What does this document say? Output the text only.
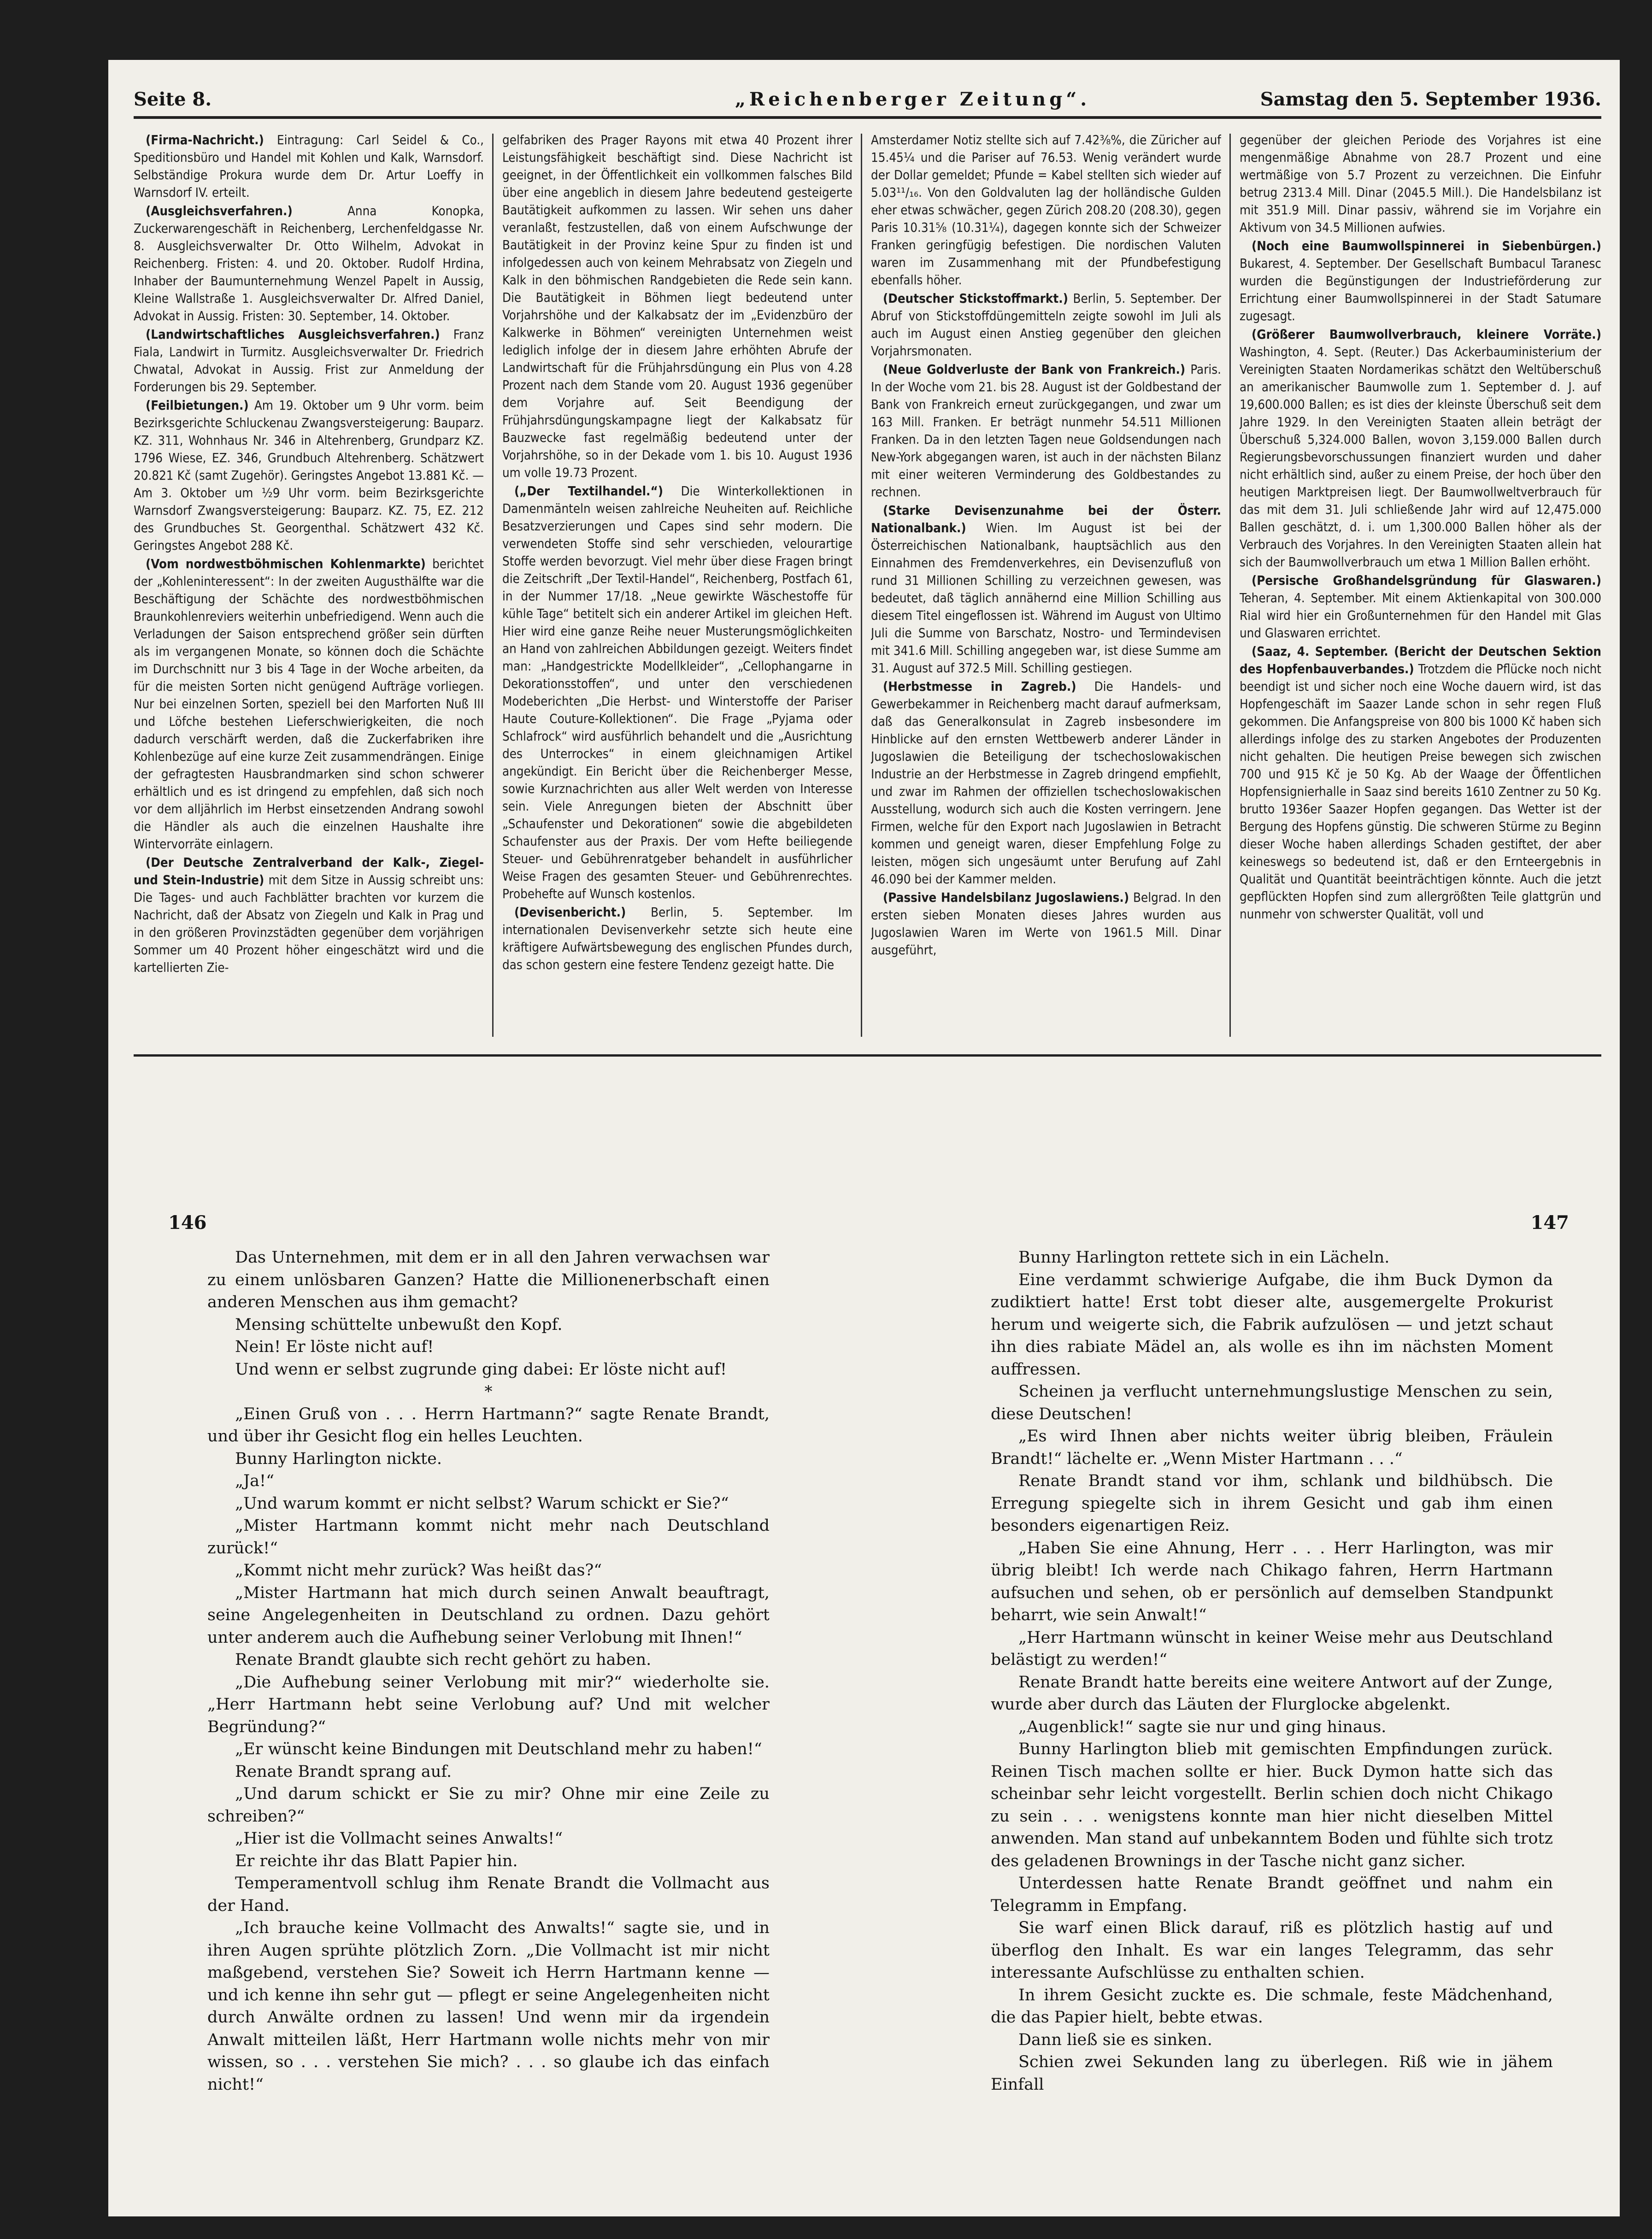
Seite 8.	„Reichenberger Zeitung“.	Samstag den 5. September 1936.

(Firma-Nachricht.) Eintragung: Carl Seidel & Co., Speditionsbüro und Handel mit Kohlen und Kalk, Warnsdorf. Selbständige Prokura wurde dem Dr. Artur Loeffy in Warnsdorf IV. erteilt.

(Ausgleichsverfahren.)	Anna Konopka, Zuckerwarengeschäft in Reichenberg, Lerchenfeldgasse Nr. 8. Ausgleichsverwalter Dr. Otto Wilhelm, Advokat in Reichenberg. Fristen: 4. und 20. Oktober. Rudolf Hrdina, Inhaber der Baumunternehmung Wenzel Papelt in Aussig, Kleine Wallstraße 1. Ausgleichsverwalter Dr. Alfred Daniel, Advokat in Aussig. Fristen: 30. September, 14. Oktober.

(Landwirtschaftliches Ausgleichsverfahren.) Franz Fiala, Landwirt in Turmitz. Ausgleichsverwalter Dr. Friedrich Chwatal, Advokat in Aussig. Frist zur Anmeldung der Forderungen bis 29. September.

(Feilbietungen.) Am 19. Oktober um 9 Uhr vorm. beim Bezirksgerichte Schluckenau Zwangsversteigerung: Bauparz. KZ. 311, Wohnhaus Nr. 346 in Altehrenberg, Grundparz KZ. 1796 Wiese, EZ. 346, Grundbuch Altehrenberg. Schätzwert 20.821 Kč (samt Zugehör). Geringstes Angebot 13.881 Kč. — Am 3. Oktober um ½9 Uhr vorm. beim Bezirksgerichte Warnsdorf Zwangsversteigerung: Bauparz. KZ. 75, EZ. 212 des Grundbuches St. Georgenthal. Schätzwert 432 Kč. Geringstes Angebot 288 Kč.

(Vom nordwestböhmischen Kohlenmarkte) berichtet der „Kohleninteressent“: In der zweiten Augusthälfte war die Beschäftigung der Schächte des nordwestböhmischen Braunkohlenreviers weiterhin unbefriedigend. Wenn auch die Verladungen der Saison entsprechend größer sein dürften als im vergangenen Monate, so können doch die Schächte im Durchschnitt nur 3 bis 4 Tage in der Woche arbeiten, da für die meisten Sorten nicht genügend Aufträge vorliegen. Nur bei einzelnen Sorten, speziell bei den Marforten Nuß III und Löfche bestehen Lieferschwierigkeiten, die noch dadurch verschärft werden, daß die Zuckerfabriken ihre Kohlenbezüge auf eine kurze Zeit zusammendrängen. Einige der gefragtesten Hausbrandmarken sind schon schwerer erhältlich und es ist dringend zu empfehlen, daß sich noch vor dem alljährlich im Herbst einsetzenden Andrang sowohl die Händler als auch die einzelnen Haushalte ihre Wintervorräte einlagern.

(Der Deutsche Zentralverband der Kalk-, Ziegel- und Stein-Industrie) mit dem Sitze in Aussig schreibt uns: Die Tages- und auch Fachblätter brachten vor kurzem die Nachricht, daß der Absatz von Ziegeln und Kalk in Prag und in den größeren Provinzstädten gegenüber dem vorjährigen Sommer um 40 Prozent höher eingeschätzt wird und die kartellierten Zie-

gelfabriken des Prager Rayons mit etwa 40 Prozent ihrer Leistungsfähigkeit beschäftigt sind. Diese Nachricht ist geeignet, in der Öffentlichkeit ein vollkommen falsches Bild über eine angeblich in diesem Jahre bedeutend gesteigerte Bautätigkeit aufkommen zu lassen. Wir sehen uns daher veranlaßt, festzustellen, daß von einem Aufschwunge der Bautätigkeit in der Provinz keine Spur zu finden ist und infolgedessen auch von keinem Mehrabsatz von Ziegeln und Kalk in den böhmischen Randgebieten die Rede sein kann. Die Bautätigkeit in Böhmen liegt bedeutend unter Vorjahrshöhe und der Kalkabsatz der im „Evidenzbüro der Kalkwerke in Böhmen“ vereinigten Unternehmen weist lediglich infolge der in diesem Jahre erhöhten Abrufe der Landwirtschaft für die Frühjahrsdüngung ein Plus von 4.28 Prozent nach dem Stande vom 20. August 1936 gegenüber dem Vorjahre auf. Seit Beendigung der Frühjahrsdüngungskampagne liegt der Kalkabsatz für Bauzwecke fast regelmäßig bedeutend unter der Vorjahrshöhe, so in der Dekade vom 1. bis 10. August 1936 um volle 19.73 Prozent.

(„Der Textilhandel.“) Die Winterkollektionen in Damenmänteln weisen zahlreiche Neuheiten auf. Reichliche Besatzverzierungen und Capes sind sehr modern. Die verwendeten Stoffe sind sehr verschieden, velourartige Stoffe werden bevorzugt. Viel mehr über diese Fragen bringt die Zeitschrift „Der Textil-Handel“, Reichenberg, Postfach 61, in der Nummer 17/18. „Neue gewirkte Wäschestoffe für kühle Tage“ betitelt sich ein anderer Artikel im gleichen Heft. Hier wird eine ganze Reihe neuer Musterungsmöglichkeiten an Hand von zahlreichen Abbildungen gezeigt. Weiters findet man: „Handgestrickte Modellkleider“, „Cellophangarne in Dekorationsstoffen“, und unter den verschiedenen Modeberichten „Die Herbst- und Winterstoffe der Pariser Haute Couture-Kollektionen“. Die Frage „Pyjama oder Schlafrock“ wird ausführlich behandelt und die „Ausrichtung des Unterrockes“ in einem gleichnamigen Artikel angekündigt. Ein Bericht über die Reichenberger Messe, sowie Kurznachrichten aus aller Welt werden von Interesse sein. Viele Anregungen bieten der Abschnitt über „Schaufenster und Dekorationen“ sowie die abgebildeten Schaufenster aus der Praxis. Der vom Hefte beiliegende Steuer- und Gebührenratgeber behandelt in ausführlicher Weise Fragen des gesamten Steuer- und Gebührenrechtes. Probehefte auf Wunsch kostenlos.

(Devisenbericht.) Berlin, 5. September. Im internationalen Devisenverkehr setzte sich heute eine kräftigere Aufwärtsbewegung des englischen Pfundes durch, das schon gestern eine festere Tendenz gezeigt hatte. Die

Amsterdamer Notiz stellte sich auf 7.42⅜%, die Züricher auf 15.45¼ und die Pariser auf 76.53. Wenig verändert wurde der Dollar gemeldet; Pfunde = Kabel stellten sich wieder auf 5.03¹¹/₁₆. Von den Goldvaluten lag der holländische Gulden eher etwas schwächer, gegen Zürich 208.20 (208.30), gegen Paris 10.31⅝ (10.31¼), dagegen konnte sich der Schweizer Franken geringfügig befestigen. Die nordischen Valuten waren im Zusammenhang mit der Pfundbefestigung ebenfalls höher.

(Deutscher Stickstoffmarkt.) Berlin, 5. September. Der Abruf von Stickstoffdüngemitteln zeigte sowohl im Juli als auch im August einen Anstieg gegenüber den gleichen Vorjahrsmonaten.

(Neue Goldverluste der Bank von Frankreich.) Paris. In der Woche vom 21. bis 28. August ist der Goldbestand der Bank von Frankreich erneut zurückgegangen, und zwar um 163 Mill. Franken. Er beträgt nunmehr 54.511 Millionen Franken. Da in den letzten Tagen neue Goldsendungen nach New-York abgegangen waren, ist auch in der nächsten Bilanz mit einer weiteren Verminderung des Goldbestandes zu rechnen.

(Starke Devisenzunahme bei der Österr. Nationalbank.) Wien. Im August ist bei der Österreichischen Nationalbank, hauptsächlich aus den Einnahmen des Fremdenverkehres, ein Devisenzufluß von rund 31 Millionen Schilling zu verzeichnen gewesen, was bedeutet, daß täglich annähernd eine Million Schilling aus diesem Titel eingeflossen ist. Während im August von Ultimo Juli die Summe von Barschatz, Nostro- und Termindevisen mit 341.6 Mill. Schilling angegeben war, ist diese Summe am 31. August auf 372.5 Mill. Schilling gestiegen.

(Herbstmesse in Zagreb.) Die Handels- und Gewerbekammer in Reichenberg macht darauf aufmerksam, daß das Generalkonsulat in Zagreb insbesondere im Hinblicke auf den ernsten Wettbewerb anderer Länder in Jugoslawien die Beteiligung der tschechoslowakischen Industrie an der Herbstmesse in Zagreb dringend empfiehlt, und zwar im Rahmen der offiziellen tschechoslowakischen Ausstellung, wodurch sich auch die Kosten verringern. Jene Firmen, welche für den Export nach Jugoslawien in Betracht kommen und geneigt waren, dieser Empfehlung Folge zu leisten, mögen sich ungesäumt unter Berufung auf Zahl 46.090 bei der Kammer melden.

(Passive Handelsbilanz Jugoslawiens.) Belgrad. In den ersten sieben Monaten dieses Jahres wurden aus Jugoslawien Waren im Werte von 1961.5 Mill. Dinar ausgeführt,

gegenüber der gleichen Periode des Vorjahres ist eine mengenmäßige Abnahme von 28.7 Prozent und eine wertmäßige von 5.7 Prozent zu verzeichnen. Die Einfuhr betrug 2313.4 Mill. Dinar (2045.5 Mill.). Die Handelsbilanz ist mit 351.9 Mill. Dinar passiv, während sie im Vorjahre ein Aktivum von 34.5 Millionen aufwies.

(Noch eine Baumwollspinnerei in Siebenbürgen.) Bukarest, 4. September. Der Gesellschaft Bumbacul Taranesc wurden die Begünstigungen der Industrieförderung zur Errichtung einer Baumwollspinnerei in der Stadt Satumare zugesagt.

(Größerer Baumwollverbrauch, kleinere Vorräte.) Washington, 4. Sept. (Reuter.) Das Ackerbauministerium der Vereinigten Staaten Nordamerikas schätzt den Weltüberschuß an amerikanischer Baumwolle zum 1. September d. J. auf 19,600.000 Ballen; es ist dies der kleinste Überschuß seit dem Jahre 1929. In den Vereinigten Staaten allein beträgt der Überschuß 5,324.000 Ballen, wovon 3,159.000 Ballen durch Regierungsbevorschussungen finanziert wurden und daher nicht erhältlich sind, außer zu einem Preise, der hoch über den heutigen Marktpreisen liegt. Der Baumwollweltverbrauch für das mit dem 31. Juli schließende Jahr wird auf 12,475.000 Ballen geschätzt, d. i. um 1,300.000 Ballen höher als der Verbrauch des Vorjahres. In den Vereinigten Staaten allein hat sich der Baumwollverbrauch um etwa 1 Million Ballen erhöht.

(Persische Großhandelsgründung für Glaswaren.) Teheran, 4. September. Mit einem Aktienkapital von 300.000 Rial wird hier ein Großunternehmen für den Handel mit Glas und Glaswaren errichtet.

(Saaz, 4. September. (Bericht der Deutschen Sektion des Hopfenbauverbandes.) Trotzdem die Pflücke noch nicht beendigt ist und sicher noch eine Woche dauern wird, ist das Hopfengeschäft im Saazer Lande schon in sehr regen Fluß gekommen. Die Anfangspreise von 800 bis 1000 Kč haben sich allerdings infolge des zu starken Angebotes der Produzenten nicht gehalten. Die heutigen Preise bewegen sich zwischen 700 und 915 Kč je 50 Kg. Ab der Waage der Öffentlichen Hopfensignierhalle in Saaz sind bereits 1610 Zentner zu 50 Kg. brutto 1936er Saazer Hopfen gegangen. Das Wetter ist der Bergung des Hopfens günstig. Die schweren Stürme zu Beginn dieser Woche haben allerdings Schaden gestiftet, der aber keineswegs so bedeutend ist, daß er den Ernteergebnis in Qualität und Quantität beeinträchtigen könnte. Auch die jetzt gepflückten Hopfen sind zum allergrößten Teile glattgrün und nunmehr von schwerster Qualität, voll und

146	147

Das Unternehmen, mit dem er in all den Jahren verwachsen war zu einem unlösbaren Ganzen? Hatte die Millionenerbschaft einen anderen Menschen aus ihm gemacht?

Mensing schüttelte unbewußt den Kopf.

Nein! Er löste nicht auf!

Und wenn er selbst zugrunde ging dabei: Er löste nicht auf!

*

„Einen Gruß von . . . Herrn Hartmann?“ sagte Renate Brandt, und über ihr Gesicht flog ein helles Leuchten.

Bunny Harlington nickte.

„Ja!“

„Und warum kommt er nicht selbst? Warum schickt er Sie?“

„Mister Hartmann kommt nicht mehr nach Deutschland zurück!“

„Kommt nicht mehr zurück? Was heißt das?“

„Mister Hartmann hat mich durch seinen Anwalt beauftragt, seine Angelegenheiten in Deutschland zu ordnen. Dazu gehört unter anderem auch die Aufhebung seiner Verlobung mit Ihnen!“

Renate Brandt glaubte sich recht gehört zu haben.

„Die Aufhebung seiner Verlobung mit mir?“ wiederholte sie. „Herr Hartmann hebt seine Verlobung auf? Und mit welcher Begründung?“

„Er wünscht keine Bindungen mit Deutschland mehr zu haben!“

Renate Brandt sprang auf.

„Und darum schickt er Sie zu mir? Ohne mir eine Zeile zu schreiben?“

„Hier ist die Vollmacht seines Anwalts!“

Er reichte ihr das Blatt Papier hin.

Temperamentvoll schlug ihm Renate Brandt die Vollmacht aus der Hand.

„Ich brauche keine Vollmacht des Anwalts!“ sagte sie, und in ihren Augen sprühte plötzlich Zorn. „Die Vollmacht ist mir nicht maßgebend, verstehen Sie? Soweit ich Herrn Hartmann kenne — und ich kenne ihn sehr gut — pflegt er seine Angelegenheiten nicht durch Anwälte ordnen zu lassen! Und wenn mir da irgendein Anwalt mitteilen läßt, Herr Hartmann wolle nichts mehr von mir wissen, so . . . verstehen Sie mich? . . . so glaube ich das einfach nicht!“

Bunny Harlington rettete sich in ein Lächeln.

Eine verdammt schwierige Aufgabe, die ihm Buck Dymon da zudiktiert hatte! Erst tobt dieser alte, ausgemergelte Prokurist herum und weigerte sich, die Fabrik aufzulösen — und jetzt schaut ihn dies rabiate Mädel an, als wolle es ihn im nächsten Moment auffressen.

Scheinen ja verflucht unternehmungslustige Menschen zu sein, diese Deutschen!

„Es wird Ihnen aber nichts weiter übrig bleiben, Fräulein Brandt!“ lächelte er. „Wenn Mister Hartmann . . .“

Renate Brandt stand vor ihm, schlank und bildhübsch. Die Erregung spiegelte sich in ihrem Gesicht und gab ihm einen besonders eigenartigen Reiz.

„Haben Sie eine Ahnung, Herr . . . Herr Harlington, was mir übrig bleibt! Ich werde nach Chikago fahren, Herrn Hartmann aufsuchen und sehen, ob er persönlich auf demselben Standpunkt beharrt, wie sein Anwalt!“

„Herr Hartmann wünscht in keiner Weise mehr aus Deutschland belästigt zu werden!“

Renate Brandt hatte bereits eine weitere Antwort auf der Zunge, wurde aber durch das Läuten der Flurglocke abgelenkt.

„Augenblick!“ sagte sie nur und ging hinaus.

Bunny Harlington blieb mit gemischten Empfindungen zurück. Reinen Tisch machen sollte er hier. Buck Dymon hatte sich das scheinbar sehr leicht vorgestellt. Berlin schien doch nicht Chikago zu sein . . . wenigstens konnte man hier nicht dieselben Mittel anwenden. Man stand auf unbekanntem Boden und fühlte sich trotz des geladenen Brownings in der Tasche nicht ganz sicher.

Unterdessen hatte Renate Brandt geöffnet und nahm ein Telegramm in Empfang.

Sie warf einen Blick darauf, riß es plötzlich hastig auf und überflog den Inhalt. Es war ein langes Telegramm, das sehr interessante Aufschlüsse zu enthalten schien.

In ihrem Gesicht zuckte es. Die schmale, feste Mädchenhand, die das Papier hielt, bebte etwas.

Dann ließ sie es sinken.

Schien zwei Sekunden lang zu überlegen. Riß wie in jähem Einfall
